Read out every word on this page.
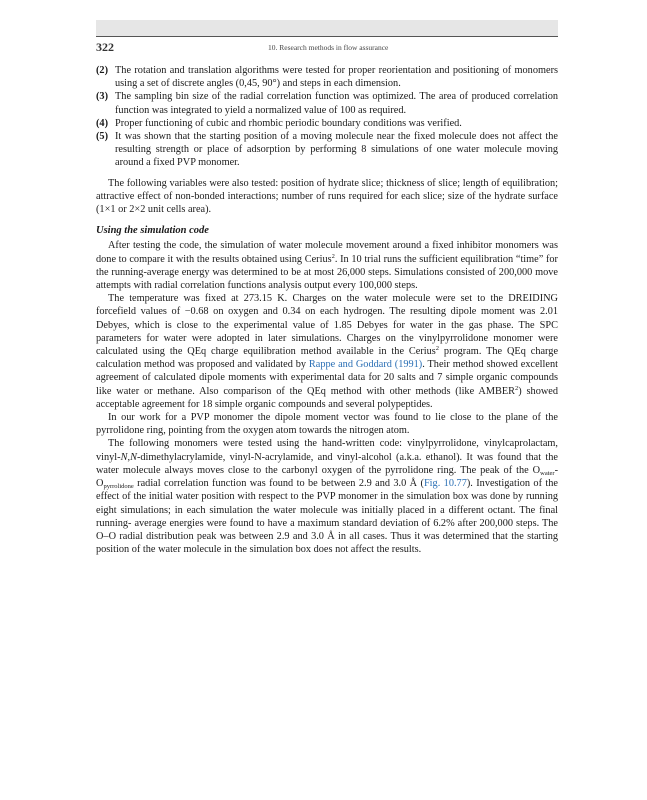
322	10. Research methods in flow assurance
(2) The rotation and translation algorithms were tested for proper reorientation and positioning of monomers using a set of discrete angles (0,45, 90°) and steps in each dimension.
(3) The sampling bin size of the radial correlation function was optimized. The area of produced correlation function was integrated to yield a normalized value of 100 as required.
(4) Proper functioning of cubic and rhombic periodic boundary conditions was verified.
(5) It was shown that the starting position of a moving molecule near the fixed molecule does not affect the resulting strength or place of adsorption by performing 8 simulations of one water molecule moving around a fixed PVP monomer.

The following variables were also tested: position of hydrate slice; thickness of slice; length of equilibration; attractive effect of non-bonded interactions; number of runs required for each slice; size of the hydrate surface (1×1 or 2×2 unit cells area).

Using the simulation code

After testing the code, the simulation of water molecule movement around a fixed inhibitor monomers was done to compare it with the results obtained using Cerius$^2$. In 10 trial runs the sufficient equilibration “time” for the running-average energy was determined to be at most 26,000 steps. Simulations consisted of 200,000 move attempts with radial correlation functions analysis output every 100,000 steps.

The temperature was fixed at 273.15 K. Charges on the water molecule were set to the DREIDING forcefield values of −0.68 on oxygen and 0.34 on each hydrogen. The resulting dipole moment was 2.01 Debyes, which is close to the experimental value of 1.85 Debyes for water in the gas phase. The SPC parameters for water were adopted in later simulations. Charges on the vinylpyrrolidone monomer were calculated using the QEq charge equilibration method available in the Cerius$^2$ program. The QEq charge calculation method was proposed and validated by Rappe and Goddard (1991). Their method showed excellent agreement of calculated dipole moments with experimental data for 20 salts and 7 simple organic compounds like water or methane. Also comparison of the QEq method with other methods (like AMBER$^2$) showed acceptable agreement for 18 simple organic compounds and several polypeptides.

In our work for a PVP monomer the dipole moment vector was found to lie close to the plane of the pyrrolidone ring, pointing from the oxygen atom towards the nitrogen atom.

The following monomers were tested using the hand-written code: vinylpyrrolidone, vinylcaprolactam, vinyl-N,N-dimethylacrylamide, vinyl-N-acrylamide, and vinyl-alcohol (a.k.a. ethanol). It was found that the water molecule always moves close to the carbonyl oxygen of the pyrrolidone ring. The peak of the $O_{water}-O_{pyrrolidone}$ radial correlation function was found to be between 2.9 and 3.0 Å (Fig. 10.77). Investigation of the effect of the initial water position with respect to the PVP monomer in the simulation box was done by running eight simulations; in each simulation the water molecule was initially placed in a different octant. The final running- average energies were found to have a maximum standard deviation of 6.2% after 200,000 steps. The O–O radial distribution peak was between 2.9 and 3.0 Å in all cases. Thus it was determined that the starting position of the water molecule in the simulation box does not affect the results.
